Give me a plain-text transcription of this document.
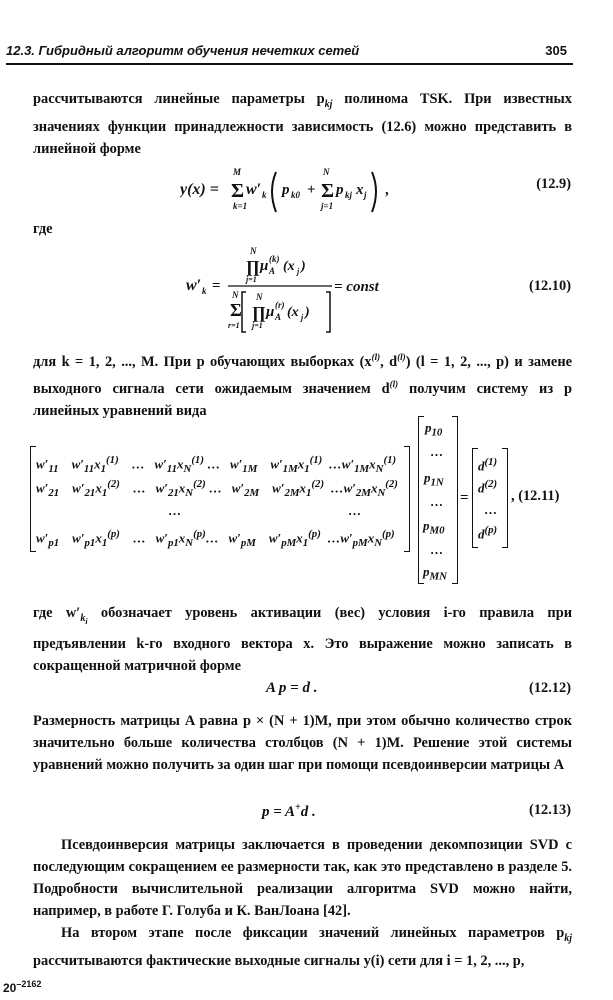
12.3. Гибридный алгоритм обучения нечетких сетей	305

рассчитываются линейные параметры $p_{kj}$ полинома TSK. При известных значениях функции принадлежности зависимость (12.6) можно представить в линейной форме

y(x) =
M
Σ
k=1
w′ k p k0 +
N
Σ
j=1
p kj x j ,	(12.9)

где

w′ k =
N
∏
j=1
μ (k)
A (x j )
N
Σ
r=1
N
∏
j=1
μ (r)
A (x j )
= const	(12.10)

для k = 1, 2, ..., M. При p обучающих выборках ($x^{(l)}$, $d^{(l)}$) (l = 1, 2, ..., p) и замене выходного сигнала сети ожидаемым значением $d^{(l)}$ получим систему из p линейных уравнений вида

$w'_{11}$    $w'_{11}x_1^{(1)}$    …   $w'_{11}x_N^{(1)}$ …   $w'_{1M}$    $w'_{1M}x_1^{(1)}$  $\dots w'_{1M}x_N^{(1)}$
$w'_{21}$    $w'_{21}x_1^{(2)}$    …   $w'_{21}x_N^{(2)}$ …   $w'_{2M}$    $w'_{2M}x_1^{(2)}$  $\dots w'_{2M}x_N^{(2)}$
…	…
$w'_{p1}$    $w'_{p1}x_1^{(p)}$    …   $w'_{p1}x_N^{(p)}\dots$   $w'_{pM}$    $w'_{pM}x_1^{(p)}$  $\dots w'_{pM}x_N^{(p)}$
$p_{10}$
…
$p_{1N}$
…
$p_{M0}$
…
$p_{MN}$
=
$d^{(1)}$
$d^{(2)}$
…
$d^{(p)}$
, (12.11)

где $w'_{k_i}$ обозначает уровень активации (вес) условия i-го правила при предъявлении k-го входного вектора x. Это выражение можно записать в сокращенной матричной форме

A p = d .	(12.12)

Размерность матрицы A равна p × (N + 1)M, при этом обычно количество строк значительно больше количества столбцов (N + 1)M. Решение этой системы уравнений можно получить за один шаг при помощи псевдоинверсии матрицы A

p = A+d .	(12.13)

Псевдоинверсия матрицы заключается в проведении декомпозиции SVD с последующим сокращением ее размерности так, как это представлено в разделе 5. Подробности вычислительной реализации алгоритма SVD можно найти, например, в работе Г. Голуба и К. ВанЛоана [42].

На втором этапе после фиксации значений линейных параметров $p_{kj}$ рассчитываются фактические выходные сигналы y(i) сети для i = 1, 2, ..., p,

$20^{-2162}$
